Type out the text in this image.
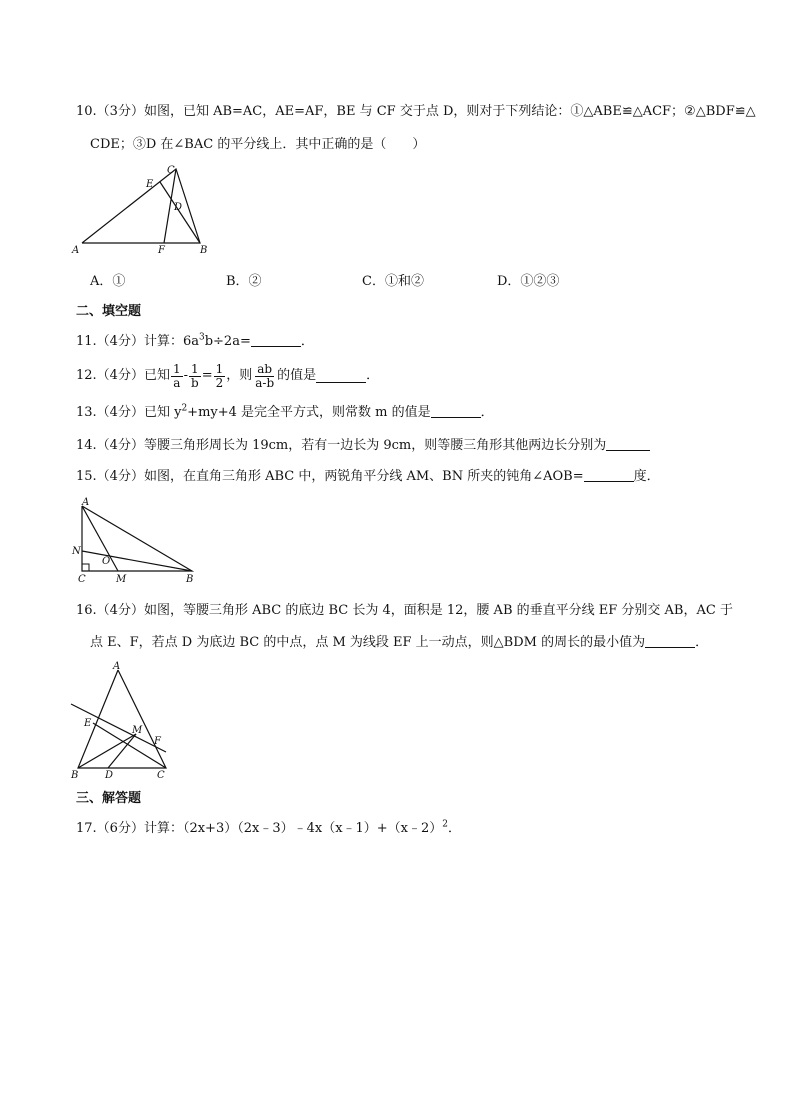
10.（3分）如图，已知 AB=AC，AE=AF，BE 与 CF 交于点 D，则对于下列结论：①△ABE≌△ACF；②△BDF≌△
CDE；③D 在∠BAC 的平分线上．其中正确的是（　　）
A	B
C
D
E
F
A．①	B．②	C．①和②	D．①②③
二、填空题
11.（4分）计算：$6a^3b\div 2a=$	．
12.（4分）已知 $\frac{1}{a} - \frac{1}{b} = \frac{1}{2}$ ，则 $\frac{ab}{a-b}$ 的值是	．
13.（4分）已知 $y^2+my+4$ 是完全平方式，则常数 m 的值是	．
14.（4分）等腰三角形周长为 19cm，若有一边长为 9cm，则等腰三角形其他两边长分别为
15.（4分）如图，在直角三角形 ABC 中，两锐角平分线 AM、BN 所夹的钝角∠AOB=	度．
A
N
O
C	M	B
16.（4分）如图，等腰三角形 ABC 的底边 BC 长为 4，面积是 12，腰 AB 的垂直平分线 EF 分别交 AB，AC 于
点 E、F，若点 D 为底边 BC 的中点，点 M 为线段 EF 上一动点，则△BDM 的周长的最小值为	．
A
E
M
F
B	D	C
三、解答题
17.（6分）计算：（2x+3）（2x﹣3）﹣4x（x﹣1）+（x﹣2）$^2$．
